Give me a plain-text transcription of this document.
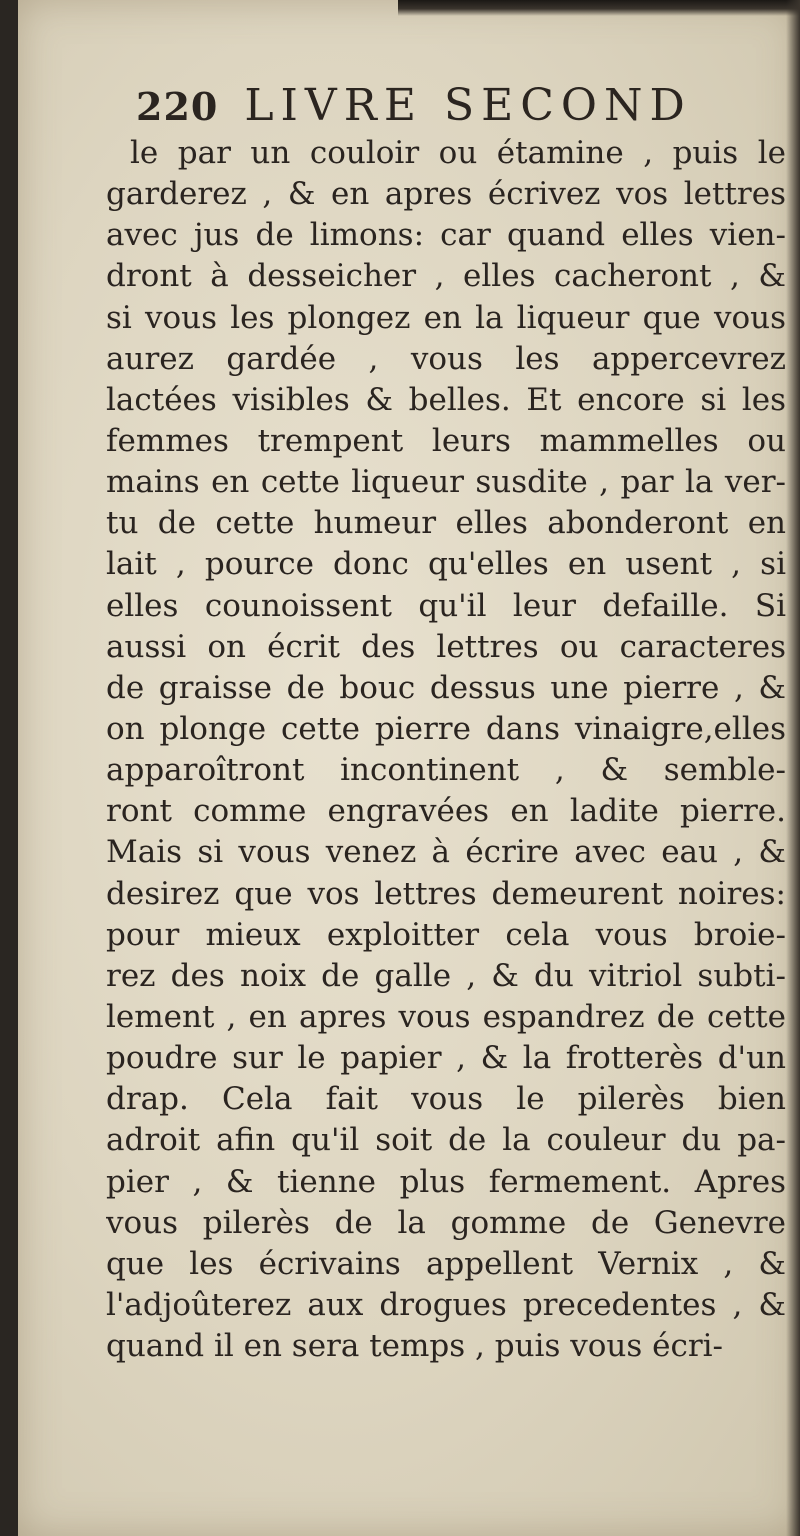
220 LIVRE SECOND
le par un couloir ou étamine , puis le
garderez , & en apres écrivez vos lettres
avec jus de limons: car quand elles vien-
dront à desseicher , elles cacheront , &
si vous les plongez en la liqueur que vous
aurez gardée , vous les appercevrez
lactées visibles & belles. Et encore si les
femmes trempent leurs mammelles ou
mains en cette liqueur susdite , par la ver-
tu de cette humeur elles abonderont en
lait , pource donc qu'elles en usent , si
elles counoissent qu'il leur defaille. Si
aussi on écrit des lettres ou caracteres
de graisse de bouc dessus une pierre , &
on plonge cette pierre dans vinaigre,elles
apparoîtront incontinent , & semble-
ront comme engravées en ladite pierre.
Mais si vous venez à écrire avec eau , &
desirez que vos lettres demeurent noires:
pour mieux exploitter cela vous broie-
rez des noix de galle , & du vitriol subti-
lement , en apres vous espandrez de cette
poudre sur le papier , & la frotterès d'un
drap. Cela fait vous le pilerès bien
adroit afin qu'il soit de la couleur du pa-
pier , & tienne plus fermement. Apres
vous pilerès de la gomme de Genevre
que les écrivains appellent Vernix , &
l'adjoûterez aux drogues precedentes , &
quand il en sera temps , puis vous écri-
